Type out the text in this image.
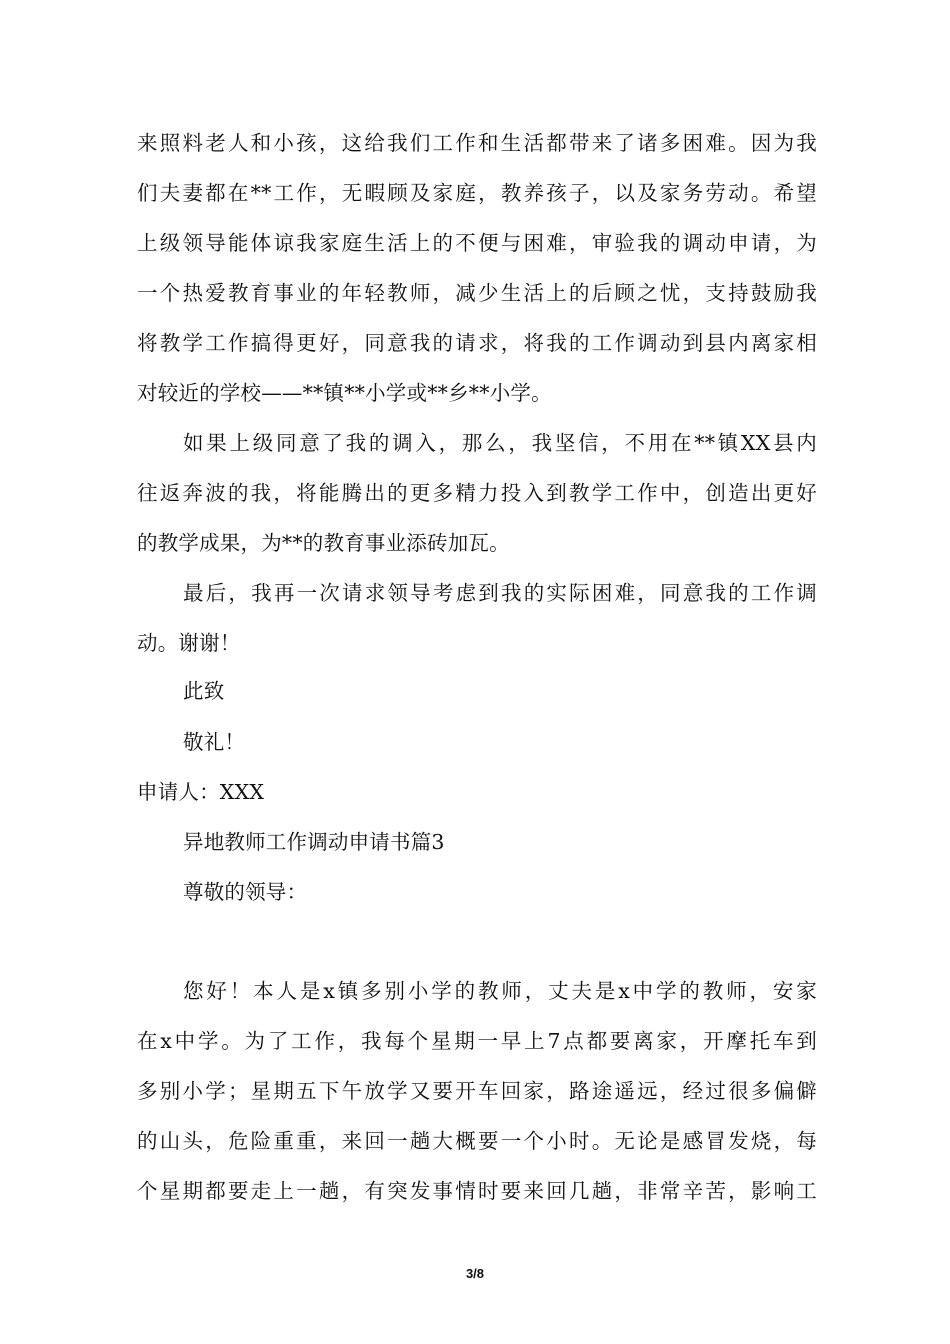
来照料老人和小孩，这给我们工作和生活都带来了诸多困难。因为我
们夫妻都在**工作，无暇顾及家庭，教养孩子，以及家务劳动。希望
上级领导能体谅我家庭生活上的不便与困难，审验我的调动申请，为
一个热爱教育事业的年轻教师，减少生活上的后顾之忧，支持鼓励我
将教学工作搞得更好，同意我的请求，将我的工作调动到县内离家相
对较近的学校——**镇**小学或**乡**小学。
如果上级同意了我的调入，那么，我坚信，不用在**镇XX县内
往返奔波的我，将能腾出的更多精力投入到教学工作中，创造出更好
的教学成果，为**的教育事业添砖加瓦。
最后，我再一次请求领导考虑到我的实际困难，同意我的工作调
动。谢谢！
此致
敬礼！
申请人：XXX
异地教师工作调动申请书篇3
尊敬的领导：
您好！本人是x镇多别小学的教师，丈夫是x中学的教师，安家
在x中学。为了工作，我每个星期一早上7点都要离家，开摩托车到
多别小学；星期五下午放学又要开车回家，路途遥远，经过很多偏僻
的山头，危险重重，来回一趟大概要一个小时。无论是感冒发烧，每
个星期都要走上一趟，有突发事情时要来回几趟，非常辛苦，影响工
3/8
